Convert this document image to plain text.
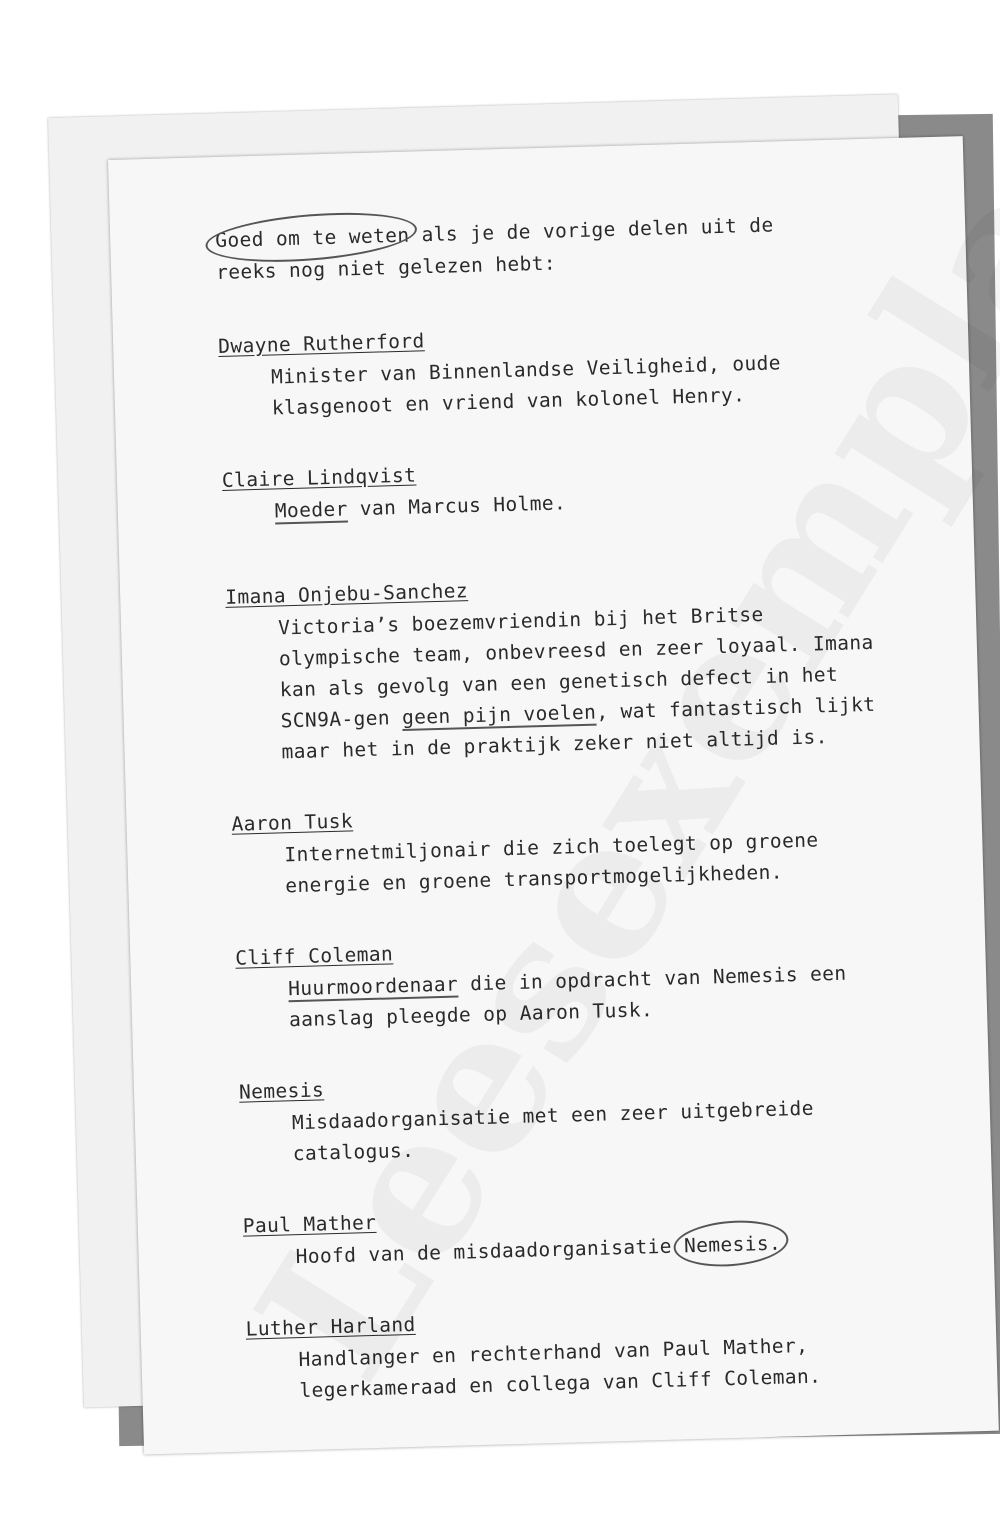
Goed om te weten als je de vorige delen uit de
reeks nog niet gelezen hebt:

Dwayne Rutherford
Minister van Binnenlandse Veiligheid, oude klasgenoot en vriend van kolonel Henry.
Claire Lindqvist
Moeder van Marcus Holme.
Imana Onjebu-Sanchez
Victoria’s boezemvriendin bij het Britse olympische team, onbevreesd en zeer loyaal. Imana kan als gevolg van een genetisch defect in het SCN9A-gen geen pijn voelen, wat fantastisch lijkt maar het in de praktijk zeker niet altijd is.
Aaron Tusk
Internetmiljonair die zich toelegt op groene energie en groene transportmogelijkheden.
Cliff Coleman
Huurmoordenaar die in opdracht van Nemesis een aanslag pleegde op Aaron Tusk.
Nemesis
Misdaadorganisatie met een zeer uitgebreide catalogus.
Paul Mather
Hoofd van de misdaadorganisatie Nemesis.
Luther Harland
Handlanger en rechterhand van Paul Mather, legerkameraad en collega van Cliff Coleman.
